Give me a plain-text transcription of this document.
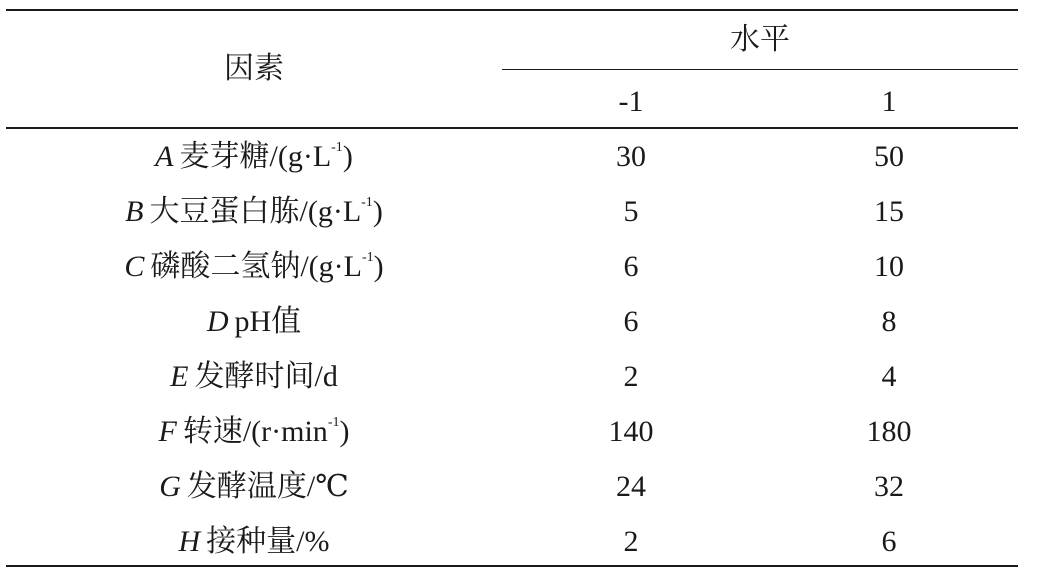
因素
水平
-1	1
A 麦芽糖$/(g\cdot L^{-1})$	30	50
B 大豆蛋白胨$/(g\cdot L^{-1})$	5	15
C 磷酸二氢钠$/(g\cdot L^{-1})$	6	10
D pH值	6	8
E 发酵时间/d	2	4
F 转速$/(r\cdot\min^{-1})$	140	180
G 发酵温度/℃	24	32
H 接种量/%	2	6
